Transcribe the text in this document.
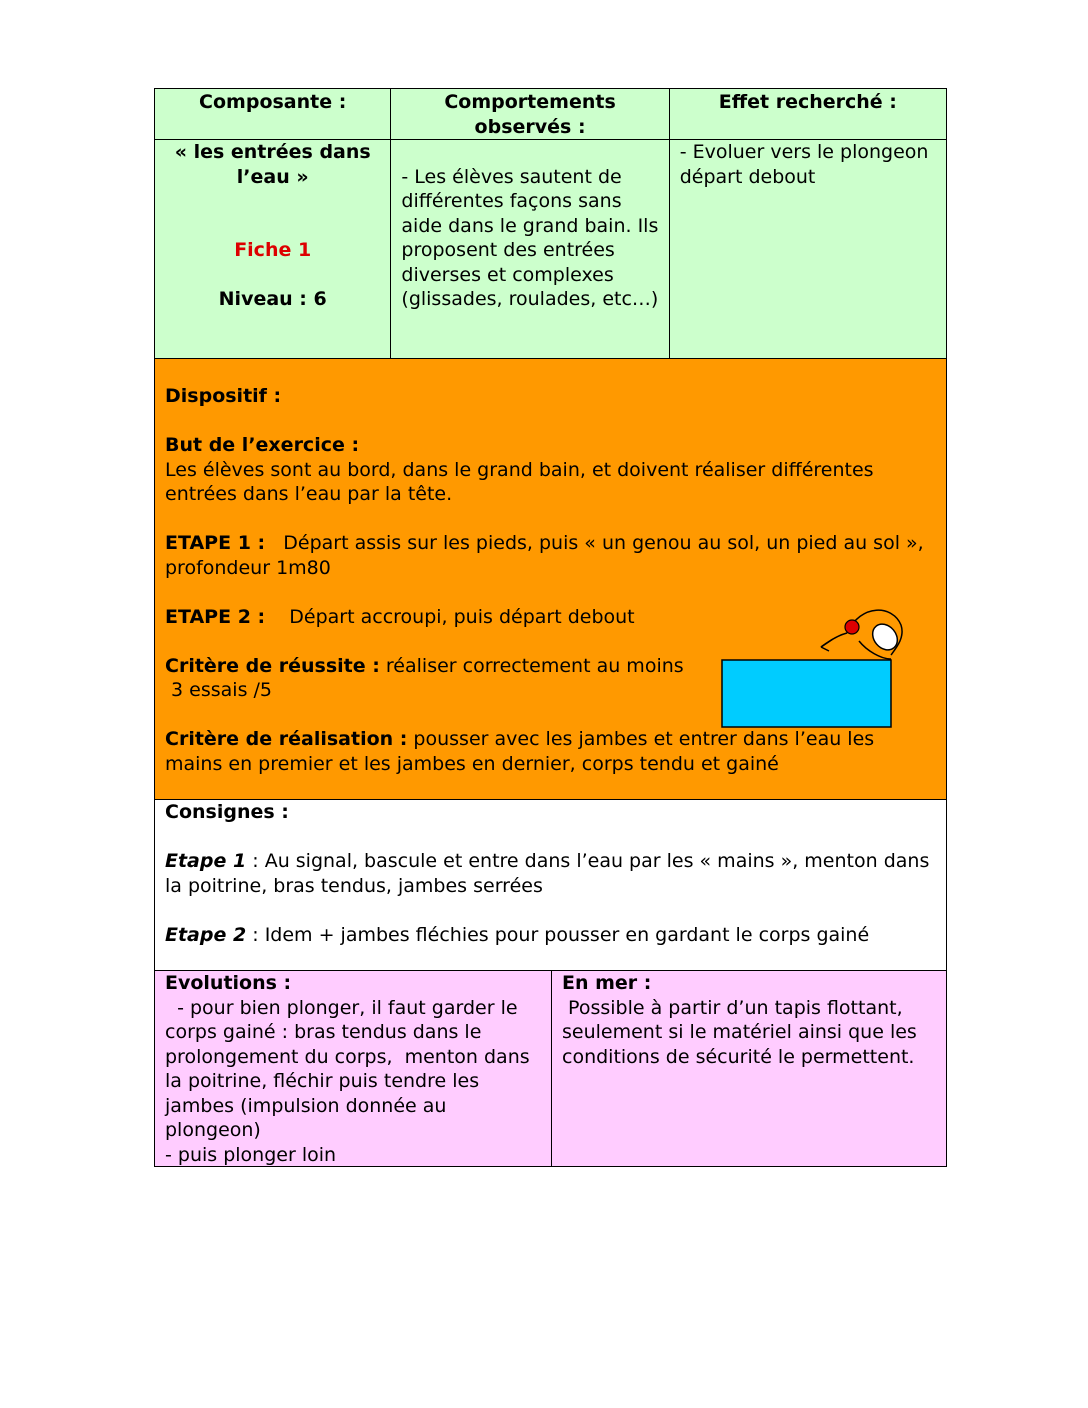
Composante :	Comportements observés :
Effet recherché :

« les entrées dans l’eau »

Fiche 1

Niveau : 6

- Les élèves sautent de différentes façons sans aide dans le grand bain. Ils proposent des entrées diverses et complexes (glissades, roulades, etc…)

- Evoluer vers le plongeon départ debout

Dispositif :

But de l’exercice :

Les élèves sont au bord, dans le grand bain, et doivent réaliser différentes entrées dans l’eau par la tête.

ETAPE 1 :   Départ assis sur les pieds, puis « un genou au sol, un pied au sol », profondeur 1m80

ETAPE 2 :    Départ accroupi, puis départ debout

Critère de réussite : réaliser correctement au moins

3 essais /5

Critère de réalisation : pousser avec les jambes et entrer dans l’eau les mains en premier et les jambes en dernier, corps tendu et gainé

Consignes :

Etape 1 : Au signal, bascule et entre dans l’eau par les « mains », menton dans la poitrine, bras tendus, jambes serrées

Etape 2 : Idem + jambes fléchies pour pousser en gardant le corps gainé

Evolutions :

- pour bien plonger, il faut garder le corps gainé : bras tendus dans le prolongement du corps,  menton dans la poitrine, fléchir puis tendre les jambes (impulsion donnée au plongeon)

- puis plonger loin

En mer :

Possible à partir d’un tapis flottant, seulement si le matériel ainsi que les conditions de sécurité le permettent.
